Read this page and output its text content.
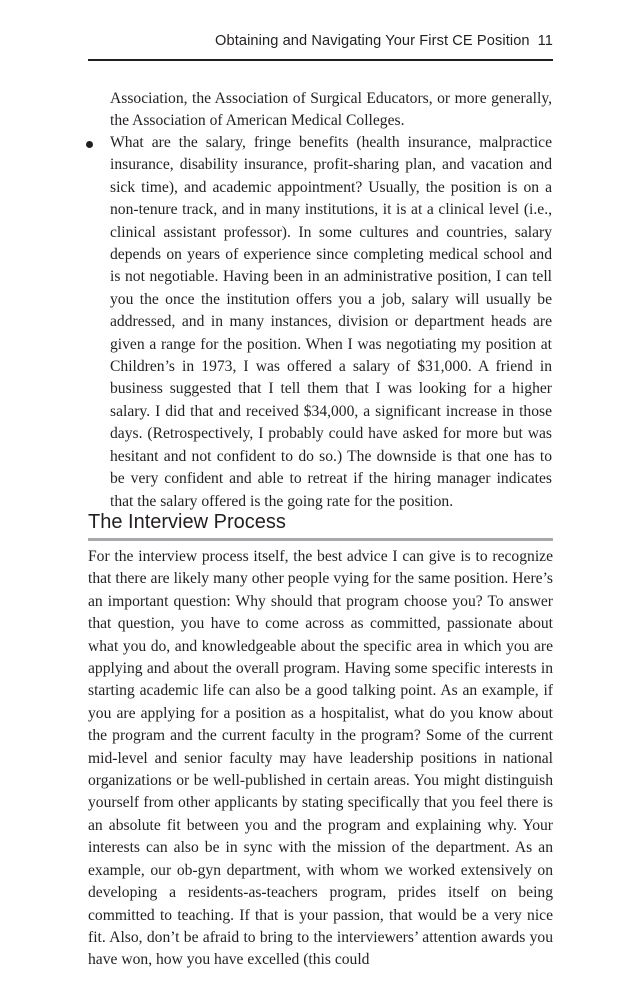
Obtaining and Navigating Your First CE Position 11

Association, the Association of Surgical Educators, or more generally, the Association of American Medical Colleges.

What are the salary, fringe benefits (health insurance, malpractice insurance, disability insurance, profit-sharing plan, and vacation and sick time), and academic appointment? Usually, the position is on a non-tenure track, and in many institutions, it is at a clinical level (i.e., clinical assistant professor). In some cultures and countries, salary depends on years of experience since completing medical school and is not negotiable. Having been in an administrative position, I can tell you the once the institution offers you a job, salary will usually be addressed, and in many instances, division or department heads are given a range for the position. When I was negotiating my position at Children’s in 1973, I was offered a salary of $31,000. A friend in business suggested that I tell them that I was looking for a higher salary. I did that and received $34,000, a significant increase in those days. (Retrospectively, I probably could have asked for more but was hesitant and not confident to do so.) The downside is that one has to be very confident and able to retreat if the hiring manager indicates that the salary offered is the going rate for the position.

The Interview Process

For the interview process itself, the best advice I can give is to recognize that there are likely many other people vying for the same position. Here’s an important question: Why should that program choose you? To answer that question, you have to come across as committed, passionate about what you do, and knowledgeable about the specific area in which you are applying and about the overall program. Having some specific interests in starting academic life can also be a good talking point. As an example, if you are applying for a position as a hospitalist, what do you know about the program and the current faculty in the program? Some of the current mid-level and senior faculty may have leadership positions in national organizations or be well-published in certain areas. You might distinguish yourself from other applicants by stating specifically that you feel there is an absolute fit between you and the program and explaining why. Your interests can also be in sync with the mission of the department. As an example, our ob-gyn department, with whom we worked extensively on developing a residents-as-teachers program, prides itself on being committed to teaching. If that is your passion, that would be a very nice fit. Also, don’t be afraid to bring to the interviewers’ attention awards you have won, how you have excelled (this could
